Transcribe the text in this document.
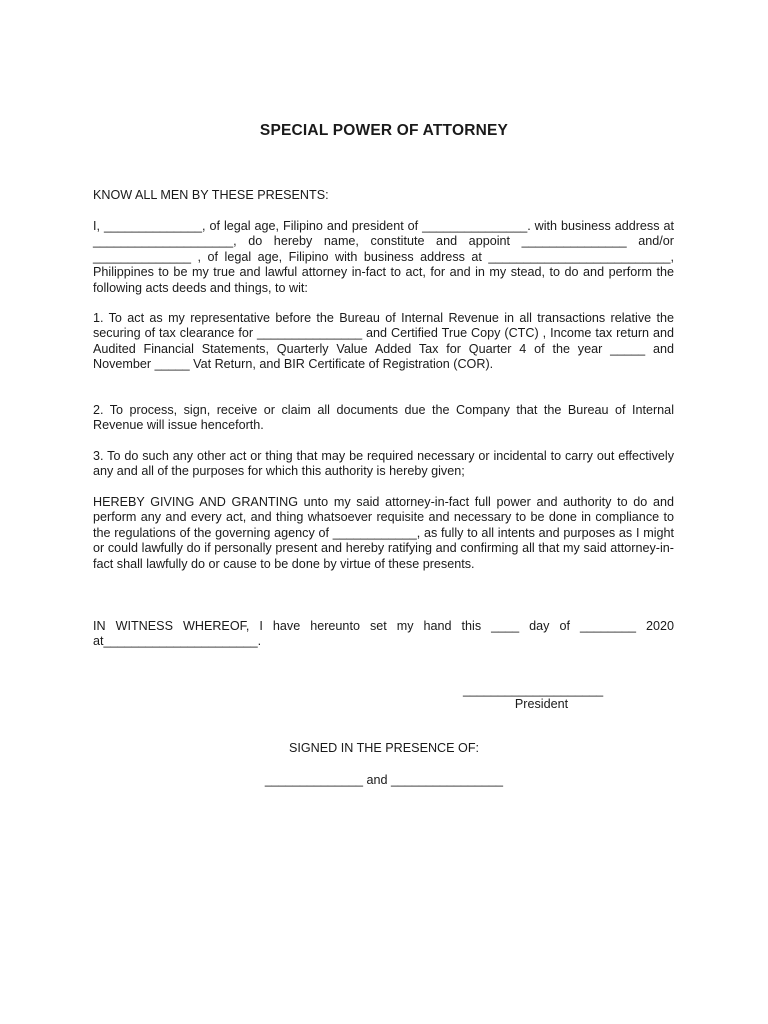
SPECIAL POWER OF ATTORNEY

KNOW ALL MEN BY THESE PRESENTS:

I, ______________, of legal age, Filipino and president of _______________. with business address at ____________________, do hereby name, constitute and appoint _______________ and/or ______________ , of legal age, Filipino with business address at __________________________, Philippines to be my true and lawful attorney in-fact to act, for and in my stead, to do and perform the following acts deeds and things, to wit:

1. To act as my representative before the Bureau of Internal Revenue in all transactions relative the securing of tax clearance for _______________ and Certified True Copy (CTC) , Income tax return and Audited Financial Statements, Quarterly Value Added Tax for Quarter 4 of the year _____ and November _____ Vat Return, and BIR Certificate of Registration (COR).

2. To process, sign, receive or claim all documents due the Company that the Bureau of Internal Revenue will issue henceforth.

3. To do such any other act or thing that may be required necessary or incidental to carry out effectively any and all of the purposes for which this authority is hereby given;

HEREBY GIVING AND GRANTING unto my said attorney-in-fact full power and authority to do and perform any and every act, and thing whatsoever requisite and necessary to be done in compliance to the regulations of the governing agency of ____________, as fully to all intents and purposes as I might or could lawfully do if personally present and hereby ratifying and confirming all that my said attorney-in-fact shall lawfully do or cause to be done by virtue of these presents.

IN WITNESS WHEREOF, I have hereunto set my hand this ____ day of ________ 2020 at______________________.

____________________
President
SIGNED IN THE PRESENCE OF:
______________ and ________________
